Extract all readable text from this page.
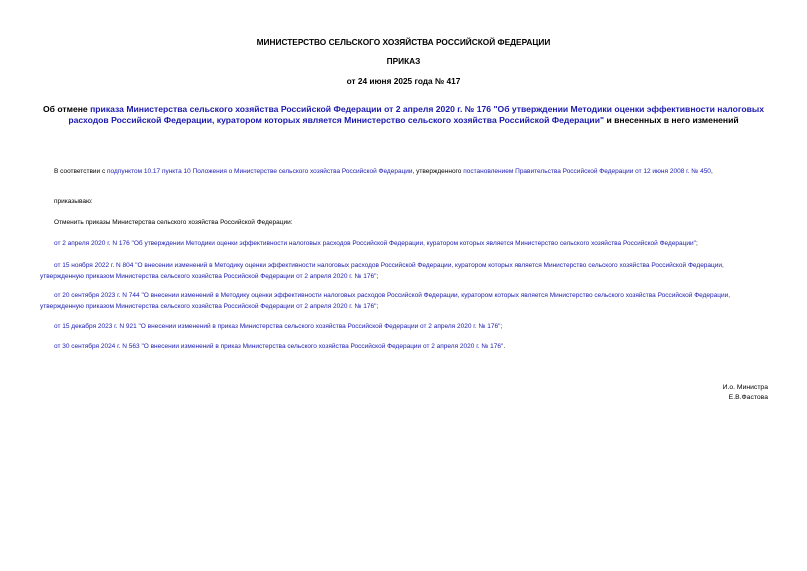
МИНИСТЕРСТВО СЕЛЬСКОГО ХОЗЯЙСТВА РОССИЙСКОЙ ФЕДЕРАЦИИ
ПРИКАЗ
от 24 июня 2025 года № 417
Об отмене приказа Министерства сельского хозяйства Российской Федерации от 2 апреля 2020 г. № 176 "Об утверждении Методики оценки эффективности налоговых расходов Российской Федерации, куратором которых является Министерство сельского хозяйства Российской Федерации" и внесенных в него изменений
В соответствии с подпунктом 10.17 пункта 10 Положения о Министерстве сельского хозяйства Российской Федерации, утвержденного постановлением Правительства Российской Федерации от 12 июня 2008 г. № 450,
приказываю:
Отменить приказы Министерства сельского хозяйства Российской Федерации:
от 2 апреля 2020 г. N 176 "Об утверждении Методики оценки эффективности налоговых расходов Российской Федерации, куратором которых является Министерство сельского хозяйства Российской Федерации";
от 15 ноября 2022 г. N 804 "О внесении изменений в Методику оценки эффективности налоговых расходов Российской Федерации, куратором которых является Министерство сельского хозяйства Российской Федерации, утвержденную приказом Министерства сельского хозяйства Российской Федерации от 2 апреля 2020 г. № 176";
от 20 сентября 2023 г. N 744 "О внесении изменений в Методику оценки эффективности налоговых расходов Российской Федерации, куратором которых является Министерство сельского хозяйства Российской Федерации, утвержденную приказом Министерства сельского хозяйства Российской Федерации от 2 апреля 2020 г. № 176";
от 15 декабря 2023 г. N 921 "О внесении изменений в приказ Министерства сельского хозяйства Российской Федерации от 2 апреля 2020 г. № 176";
от 30 сентября 2024 г. N 563 "О внесении изменений в приказ Министерства сельского хозяйства Российской Федерации от 2 апреля 2020 г. № 176".
И.о. Министра
Е.В.Фастова
